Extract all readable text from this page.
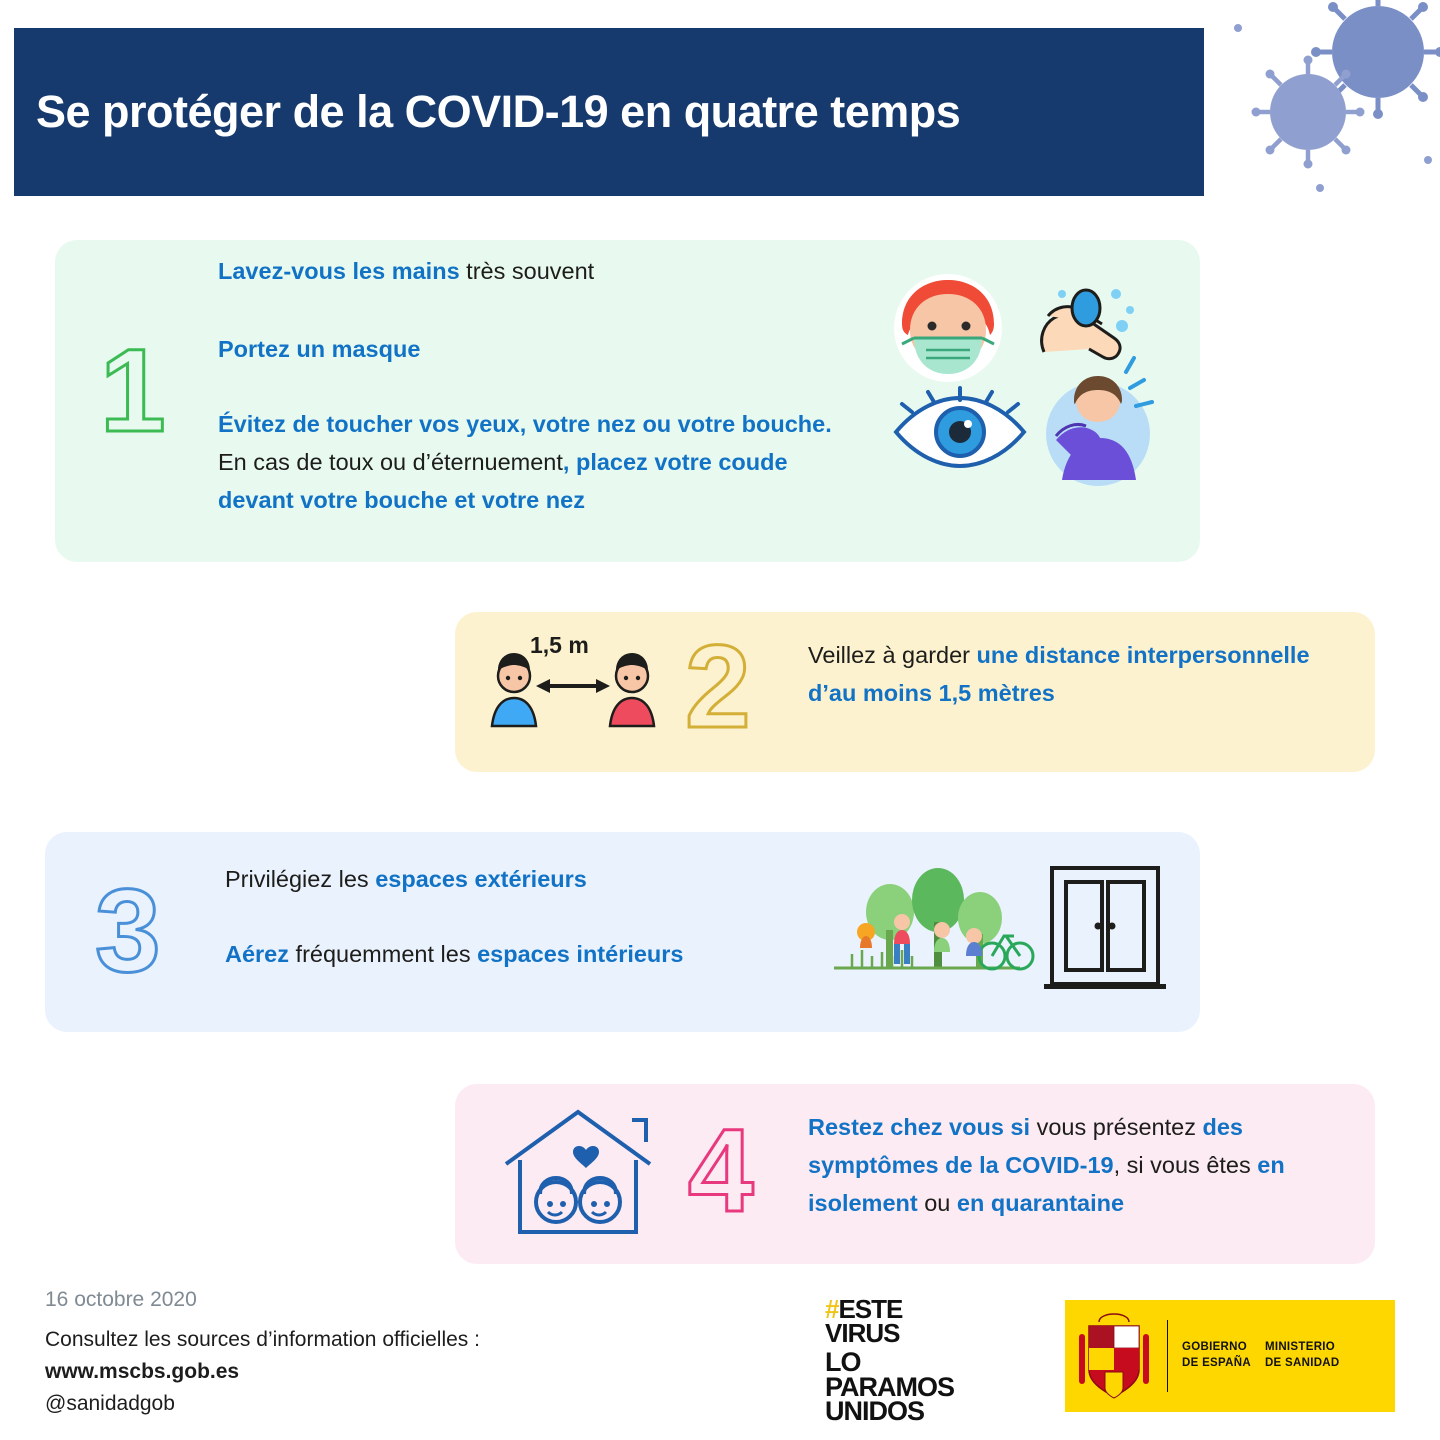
Se protéger de la COVID-19 en quatre temps
1
Lavez-vous les mains très souvent
Portez un masque
Évitez de toucher vos yeux, votre nez ou votre bouche. En cas de toux ou d’éternuement, placez votre coude devant votre bouche et votre nez
2
1,5 m	Veillez à garder une distance interpersonnelle d’au moins 1,5 mètres
3	Privilégiez les espaces extérieurs
Aérez fréquemment les espaces intérieurs
4 Restez chez vous si vous présentez des symptômes de la COVID-19, si vous êtes en isolement ou en quarantaine
16 octobre 2020
Consultez les sources d’information officielles :
www.mscbs.gob.es
@sanidadgob
#ESTE
VIRUS
LO
PARAMOS
UNIDOS
GOBIERNO
DE ESPAÑA
MINISTERIO
DE SANIDAD
